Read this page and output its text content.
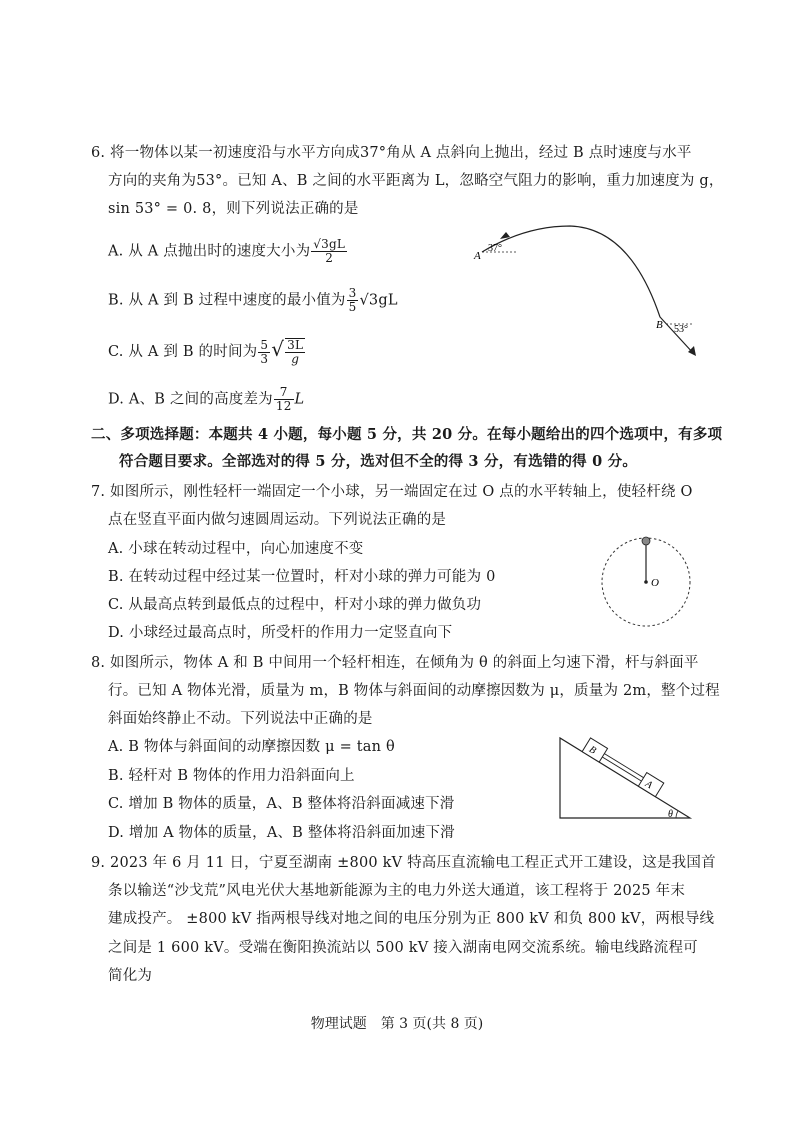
6. 将一物体以某一初速度沿与水平方向成37°角从 A 点斜向上抛出，经过 B 点时速度与水平
方向的夹角为53°。已知 A、B 之间的水平距离为 L，忽略空气阻力的影响，重力加速度为 g，
sin 53° = 0. 8，则下列说法正确的是
A. 从 A 点抛出时的速度大小为 $\frac{√3gL}{2}$
B. 从 A 到 B 过程中速度的最小值为 $\frac{3}{5} √3gL$
C. 从 A 到 B 的时间为 $\frac{5}{3}$ √ $\frac{3L}{g}$
D. A、B 之间的高度差为 $\frac{7}{12}$ L
A
37°
B 53°
二、多项选择题：本题共 4 小题，每小题 5 分，共 20 分。在每小题给出的四个选项中，有多项
符合题目要求。全部选对的得 5 分，选对但不全的得 3 分，有选错的得 0 分。
7. 如图所示，刚性轻杆一端固定一个小球，另一端固定在过 O 点的水平转轴上，使轻杆绕 O
点在竖直平面内做匀速圆周运动。下列说法正确的是
A. 小球在转动过程中，向心加速度不变
B. 在转动过程中经过某一位置时，杆对小球的弹力可能为 0
C. 从最高点转到最低点的过程中，杆对小球的弹力做负功
D. 小球经过最高点时，所受杆的作用力一定竖直向下
O
8. 如图所示，物体 A 和 B 中间用一个轻杆相连，在倾角为 θ 的斜面上匀速下滑，杆与斜面平
行。已知 A 物体光滑，质量为 m，B 物体与斜面间的动摩擦因数为 μ，质量为 2m，整个过程
斜面始终静止不动。下列说法中正确的是
A. B 物体与斜面间的动摩擦因数 μ = tan θ
B. 轻杆对 B 物体的作用力沿斜面向上
C. 增加 B 物体的质量，A、B 整体将沿斜面减速下滑
D. 增加 A 物体的质量，A、B 整体将沿斜面加速下滑
B
A
θ
9. 2023 年 6 月 11 日，宁夏至湖南 ±800 kV 特高压直流输电工程正式开工建设，这是我国首
条以输送“沙戈荒”风电光伏大基地新能源为主的电力外送大通道，该工程将于 2025 年末
建成投产。 ±800 kV 指两根导线对地之间的电压分别为正 800 kV 和负 800 kV，两根导线
之间是 1 600 kV。受端在衡阳换流站以 500 kV 接入湖南电网交流系统。输电线路流程可
简化为
物理试题　第 3 页(共 8 页)
